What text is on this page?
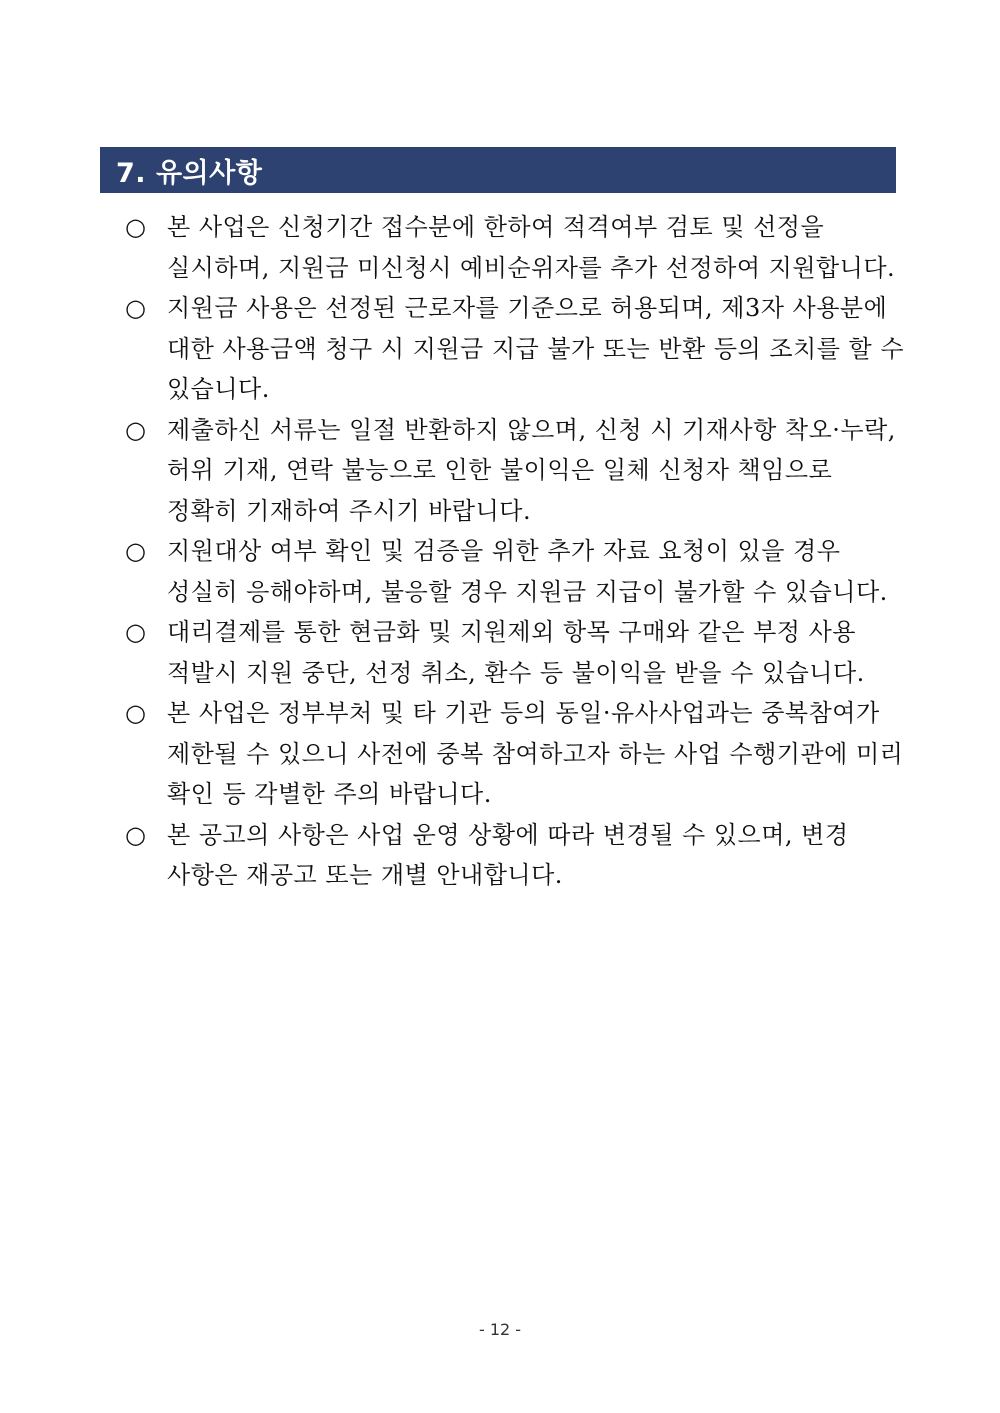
7. 유의사항
○ 본 사업은 신청기간 접수분에 한하여 적격여부 검토 및 선정을 실시하며, 지원금 미신청시 예비순위자를 추가 선정하여 지원합니다.
○ 지원금 사용은 선정된 근로자를 기준으로 허용되며, 제3자 사용분에 대한 사용금액 청구 시 지원금 지급 불가 또는 반환 등의 조치를 할 수 있습니다.
○ 제출하신 서류는 일절 반환하지 않으며, 신청 시 기재사항 착오·누락, 허위 기재, 연락 불능으로 인한 불이익은 일체 신청자 책임으로 정확히 기재하여 주시기 바랍니다.
○ 지원대상 여부 확인 및 검증을 위한 추가 자료 요청이 있을 경우 성실히 응해야하며, 불응할 경우 지원금 지급이 불가할 수 있습니다.
○ 대리결제를 통한 현금화 및 지원제외 항목 구매와 같은 부정 사용 적발시 지원 중단, 선정 취소, 환수 등 불이익을 받을 수 있습니다.
○ 본 사업은 정부부처 및 타 기관 등의 동일·유사사업과는 중복참여가 제한될 수 있으니 사전에 중복 참여하고자 하는 사업 수행기관에 미리 확인 등 각별한 주의 바랍니다.
○ 본 공고의 사항은 사업 운영 상황에 따라 변경될 수 있으며, 변경 사항은 재공고 또는 개별 안내합니다.
- 12 -
